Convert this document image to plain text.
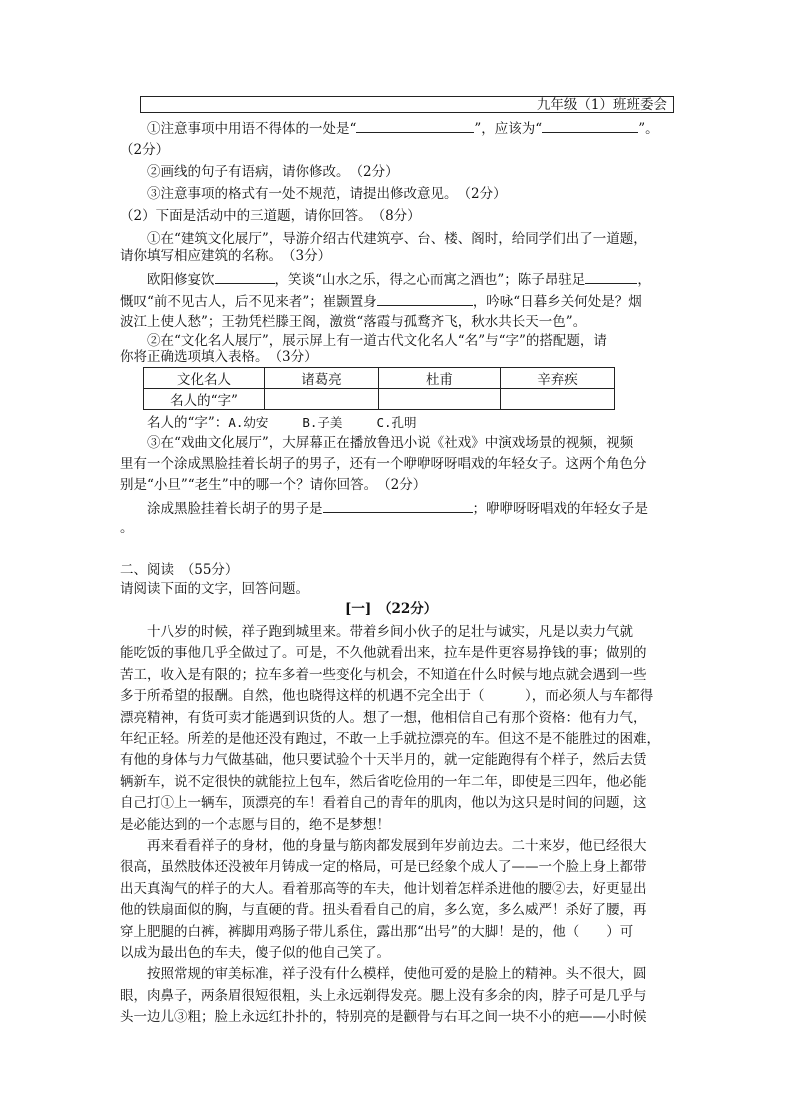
九年级（1）班班委会
①注意事项中用语不得体的一处是“	”，应该为“	”。
（2分）
②画线的句子有语病，请你修改。　（2分）
③注意事项的格式有一处不规范，请提出修改意见。　（2分）
（2）下面是活动中的三道题，请你回答。　（8分）
①在“建筑文化展厅”，导游介绍古代建筑亭、台、楼、阁时，给同学们出了一道题，
请你填写相应建筑的名称。　（3分）
欧阳修宴饮	，笑谈“山水之乐，得之心而寓之酒也”；陈子昂驻足	，
慨叹“前不见古人，后不见来者”；崔颢置身	，吟咏“日暮乡关何处是？烟
波江上使人愁”；王勃凭栏滕王阁，激赏“落霞与孤鹜齐飞，秋水共长天一色”。
②在“文化名人展厅”，展示屏上有一道古代文化名人“名”与“字”的搭配题，请
你将正确选项填入表格。　（3分）
文化名人	诸葛亮	杜甫	辛弃疾
名人的“字”			
名人的“字”：A.幼安	B.子美	C.孔明
③在“戏曲文化展厅”，大屏幕正在播放鲁迅小说《社戏》中演戏场景的视频，视频
里有一个涂成黑脸挂着长胡子的男子，还有一个咿咿呀呀唱戏的年轻女子。这两个角色分
别是“小旦”“老生”中的哪一个？请你回答。　（2分）
涂成黑脸挂着长胡子的男子是	；咿咿呀呀唱戏的年轻女子是
。
二、阅读　（55分）
请阅读下面的文字，回答问题。
[一]　（22分）
十八岁的时候，祥子跑到城里来。带着乡间小伙子的足壮与诚实，凡是以卖力气就
能吃饭的事他几乎全做过了。可是，不久他就看出来，拉车是件更容易挣钱的事；做别的
苦工，收入是有限的；拉车多着一些变化与机会，不知道在什么时候与地点就会遇到一些
多于所希望的报酬。自然，他也晓得这样的机遇不完全出于（　　　），而必须人与车都得
漂亮精神，有货可卖才能遇到识货的人。想了一想，他相信自己有那个资格：他有力气，
年纪正轻。所差的是他还没有跑过，不敢一上手就拉漂亮的车。但这不是不能胜过的困难，
有他的身体与力气做基础，他只要试验个十天半月的，就一定能跑得有个样子，然后去赁
辆新车，说不定很快的就能拉上包车，然后省吃俭用的一年二年，即使是三四年，他必能
自己打①上一辆车，顶漂亮的车！看着自己的青年的肌肉，他以为这只是时间的问题，这
是必能达到的一个志愿与目的，绝不是梦想！
再来看看祥子的身材，他的身量与筋肉都发展到年岁前边去。二十来岁，他已经很大
很高，虽然肢体还没被年月铸成一定的格局，可是已经象个成人了——一个脸上身上都带
出天真淘气的样子的大人。看着那高等的车夫，他计划着怎样杀进他的腰②去，好更显出
他的铁扇面似的胸，与直硬的背。扭头看看自己的肩，多么宽，多么威严！杀好了腰，再
穿上肥腿的白裤，裤脚用鸡肠子带儿系住，露出那“出号”的大脚！是的，他（　　）可
以成为最出色的车夫，傻子似的他自己笑了。
按照常规的审美标准，祥子没有什么模样，使他可爱的是脸上的精神。头不很大，圆
眼，肉鼻子，两条眉很短很粗，头上永远剃得发亮。腮上没有多余的肉，脖子可是几乎与
头一边儿③粗；脸上永远红扑扑的，特别亮的是颧骨与右耳之间一块不小的疤——小时候
